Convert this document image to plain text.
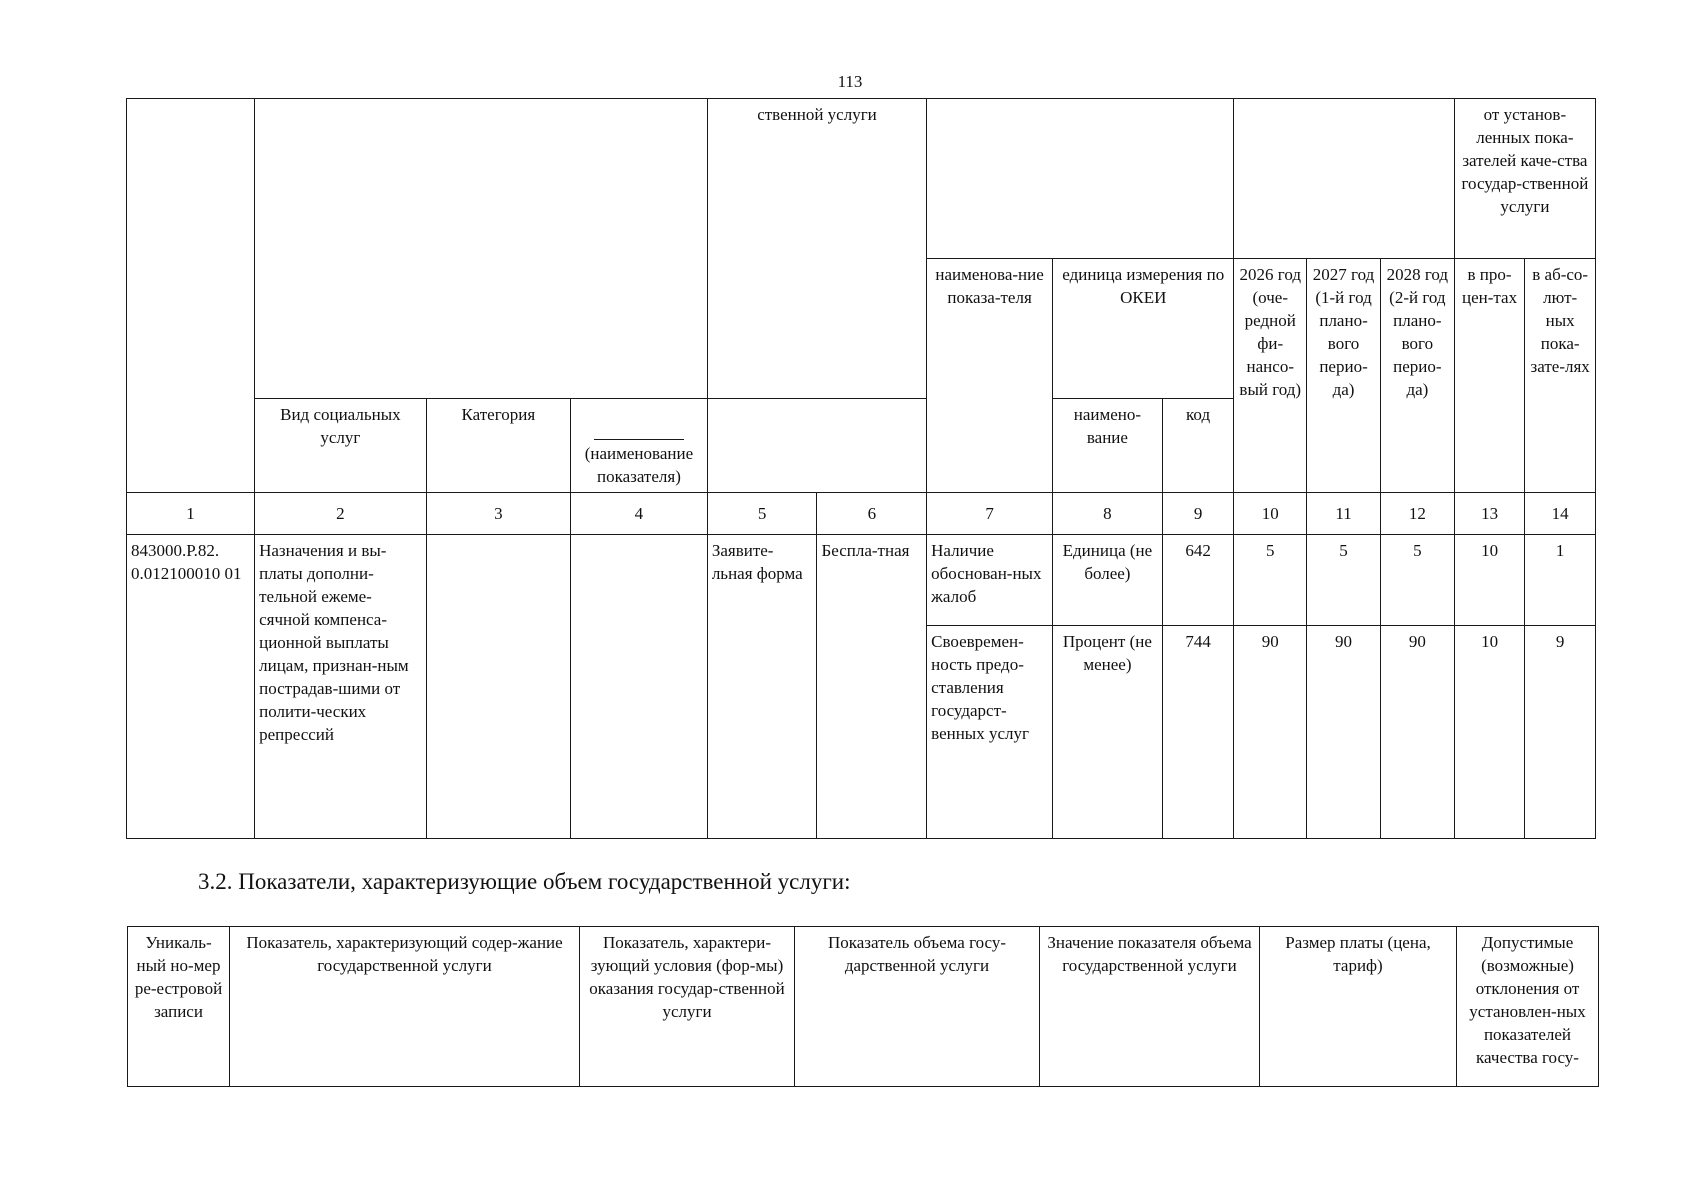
113
				ственной услуги								от установ-ленных пока-зателей каче-ства государ-ственной услуги	
						наименова-ние показа-теля	единица измерения по ОКЕИ		2026 год (оче-редной фи-нансо-вый год)	2027 год (1-й год плано-вого перио-да)	2028 год (2-й год плано-вого перио-да)	в про-цен-тах	в аб-со-лют-ных пока-зате-лях
							наимено-вание	код					
	Вид социальных услуг	Категория	(наименование показателя)										
1	2	3	4	5	6	7	8	9	10	11	12	13	14
843000.Р.82. 0.012100010 01	Назначения и вы-платы дополни-тельной ежеме-сячной компенса-ционной выплаты лицам, признан-ным пострадав-шими от полити-ческих репрессий			Заявите-льная форма	Беспла-тная	Наличие обоснован-ных жалоб	Единица (не более)	642	5	5	5	10	1
						Своевремен-ность предо-ставления государст-венных услуг	Процент (не менее)	744	90	90	90	10	9
3.2. Показатели, характеризующие объем государственной услуги:
Уникаль-ный но-мер ре-естровой записи	Показатель, характеризующий содер-жание государственной услуги	Показатель, характери-зующий условия (фор-мы) оказания государ-ственной услуги	Показатель объема госу-дарственной услуги	Значение показателя объема государственной услуги	Размер платы (цена, тариф)	Допустимые (возможные) отклонения от установлен-ных показателей качества госу-
